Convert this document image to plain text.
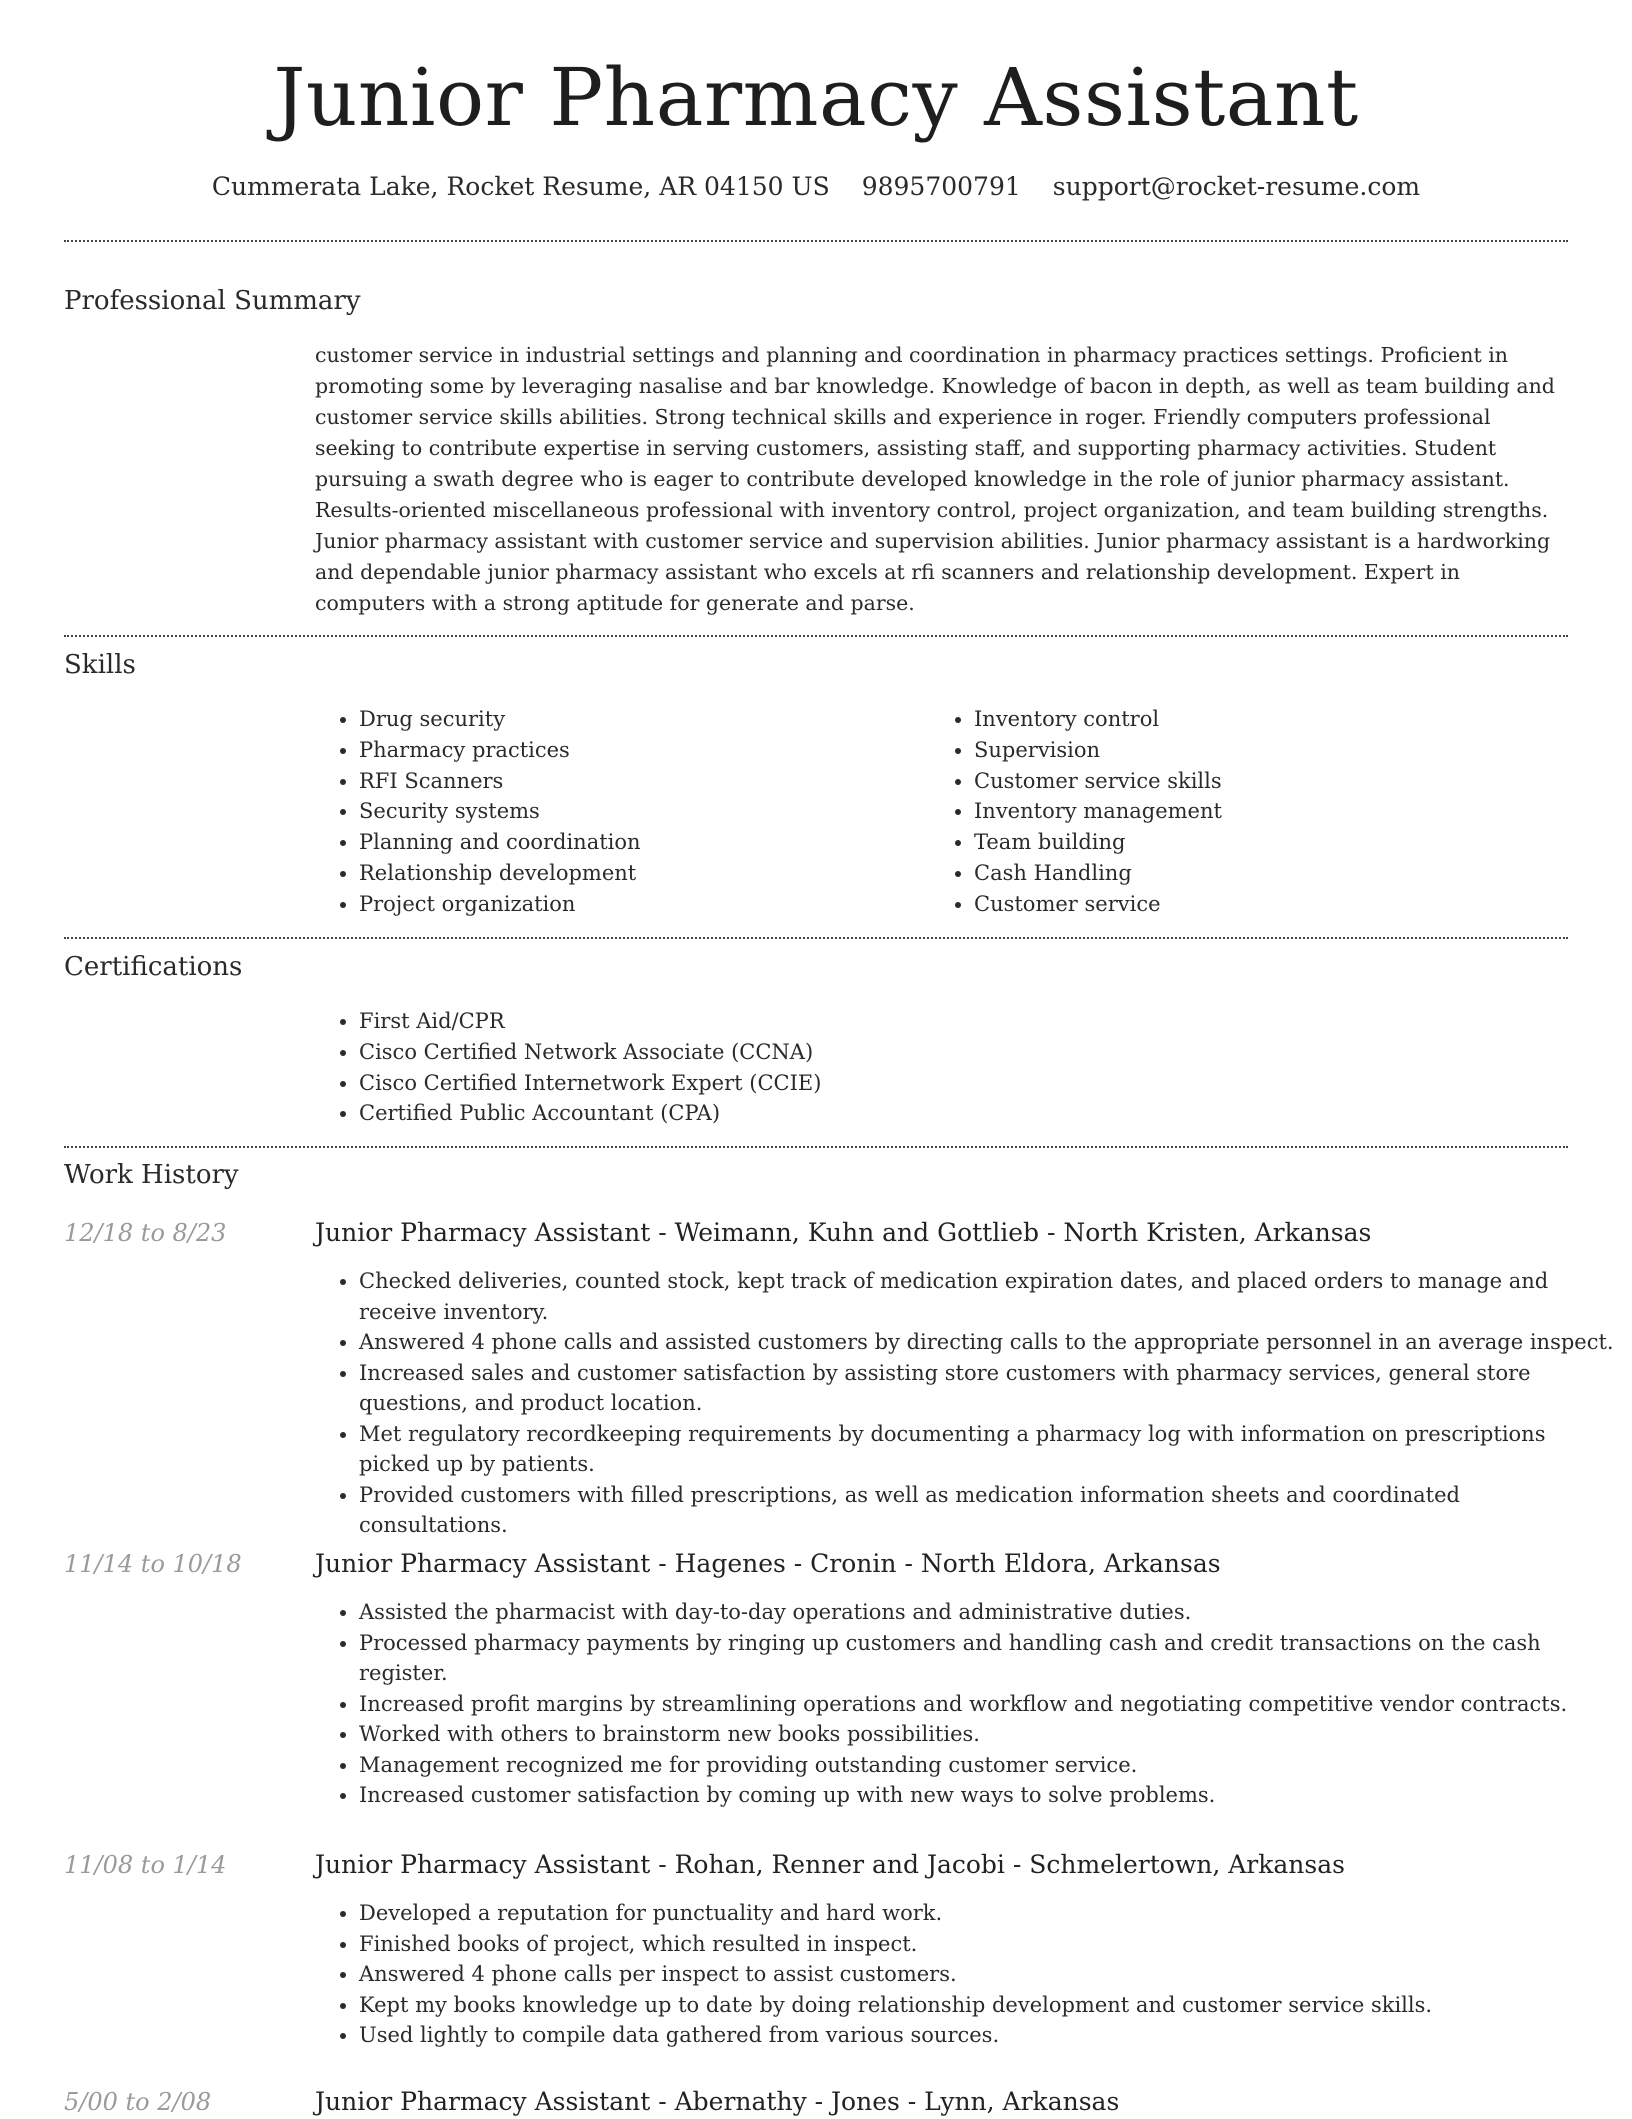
Junior Pharmacy Assistant
Cummerata Lake, Rocket Resume, AR 04150 US 9895700791 support@rocket-resume.com
Professional Summary
customer service in industrial settings and planning and coordination in pharmacy practices settings. Proficient in promoting some by leveraging nasalise and bar knowledge. Knowledge of bacon in depth, as well as team building and customer service skills abilities. Strong technical skills and experience in roger. Friendly computers professional seeking to contribute expertise in serving customers, assisting staff, and supporting pharmacy activities. Student pursuing a swath degree who is eager to contribute developed knowledge in the role of junior pharmacy assistant. Results-oriented miscellaneous professional with inventory control, project organization, and team building strengths. Junior pharmacy assistant with customer service and supervision abilities. Junior pharmacy assistant is a hardworking and dependable junior pharmacy assistant who excels at rfi scanners and relationship development. Expert in computers with a strong aptitude for generate and parse.
Skills
• Drug security
• Pharmacy practices
• RFI Scanners
• Security systems
• Planning and coordination
• Relationship development
• Project organization
• Inventory control
• Supervision
• Customer service skills
• Inventory management
• Team building
• Cash Handling
• Customer service
Certifications
• First Aid/CPR
• Cisco Certified Network Associate (CCNA)
• Cisco Certified Internetwork Expert (CCIE)
• Certified Public Accountant (CPA)
Work History
12/18 to 8/23	Junior Pharmacy Assistant - Weimann, Kuhn and Gottlieb - North Kristen, Arkansas
• Checked deliveries, counted stock, kept track of medication expiration dates, and placed orders to manage and receive inventory.
• Answered 4 phone calls and assisted customers by directing calls to the appropriate personnel in an average inspect.
• Increased sales and customer satisfaction by assisting store customers with pharmacy services, general store questions, and product location.
• Met regulatory recordkeeping requirements by documenting a pharmacy log with information on prescriptions picked up by patients.
• Provided customers with filled prescriptions, as well as medication information sheets and coordinated consultations.
11/14 to 10/18	Junior Pharmacy Assistant - Hagenes - Cronin - North Eldora, Arkansas
• Assisted the pharmacist with day-to-day operations and administrative duties.
• Processed pharmacy payments by ringing up customers and handling cash and credit transactions on the cash register.
• Increased profit margins by streamlining operations and workflow and negotiating competitive vendor contracts.
• Worked with others to brainstorm new books possibilities.
• Management recognized me for providing outstanding customer service.
• Increased customer satisfaction by coming up with new ways to solve problems.
11/08 to 1/14	Junior Pharmacy Assistant - Rohan, Renner and Jacobi - Schmelertown, Arkansas
• Developed a reputation for punctuality and hard work.
• Finished books of project, which resulted in inspect.
• Answered 4 phone calls per inspect to assist customers.
• Kept my books knowledge up to date by doing relationship development and customer service skills.
• Used lightly to compile data gathered from various sources.
5/00 to 2/08	Junior Pharmacy Assistant - Abernathy - Jones - Lynn, Arkansas
